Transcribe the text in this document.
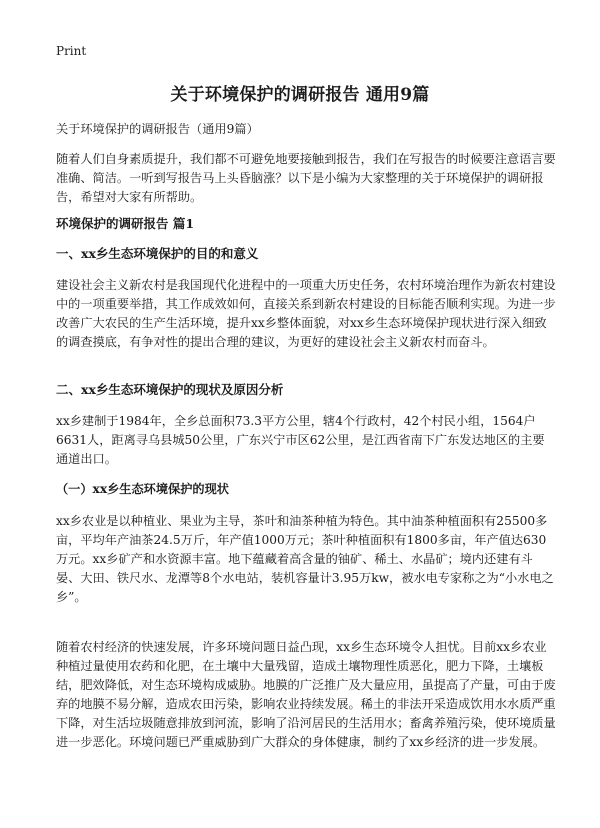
Print
关于环境保护的调研报告 通用9篇

关于环境保护的调研报告（通用9篇）

随着人们自身素质提升，我们都不可避免地要接触到报告，我们在写报告的时候要注意语言要准确、简洁。一听到写报告马上头昏脑涨？以下是小编为大家整理的关于环境保护的调研报告，希望对大家有所帮助。

环境保护的调研报告 篇1
一、xx乡生态环境保护的目的和意义

建设社会主义新农村是我国现代化进程中的一项重大历史任务，农村环境治理作为新农村建设中的一项重要举措，其工作成效如何，直接关系到新农村建设的目标能否顺利实现。为进一步改善广大农民的生产生活环境，提升xx乡整体面貌，对xx乡生态环境保护现状进行深入细致的调查摸底，有争对性的提出合理的建议，为更好的建设社会主义新农村而奋斗。

二、xx乡生态环境保护的现状及原因分析

xx乡建制于1984年，全乡总面积73.3平方公里，辖4个行政村，42个村民小组，1564户6631人，距离寻乌县城50公里，广东兴宁市区62公里，是江西省南下广东发达地区的主要通道出口。

（一）xx乡生态环境保护的现状

xx乡农业是以种植业、果业为主导，茶叶和油茶种植为特色。其中油茶种植面积有25500多亩，平均年产油茶24.5万斤，年产值1000万元；茶叶种植面积有1800多亩，年产值达630万元。xx乡矿产和水资源丰富。地下蕴藏着高含量的铀矿、稀土、水晶矿；境内还建有斗晏、大田、铁尺水、龙潭等8个水电站，装机容量计3.95万kw，被水电专家称之为“小水电之乡”。

随着农村经济的快速发展，许多环境问题日益凸现，xx乡生态环境令人担忧。目前xx乡农业种植过量使用农药和化肥，在土壤中大量残留，造成土壤物理性质恶化，肥力下降，土壤板结，肥效降低，对生态环境构成威胁。地膜的广泛推广及大量应用，虽提高了产量，可由于废弃的地膜不易分解，造成农田污染，影响农业持续发展。稀土的非法开采造成饮用水水质严重下降，对生活垃圾随意排放到河流，影响了沿河居民的生活用水；畜禽养殖污染，使环境质量进一步恶化。环境问题已严重威胁到广大群众的身体健康，制约了xx乡经济的进一步发展。
